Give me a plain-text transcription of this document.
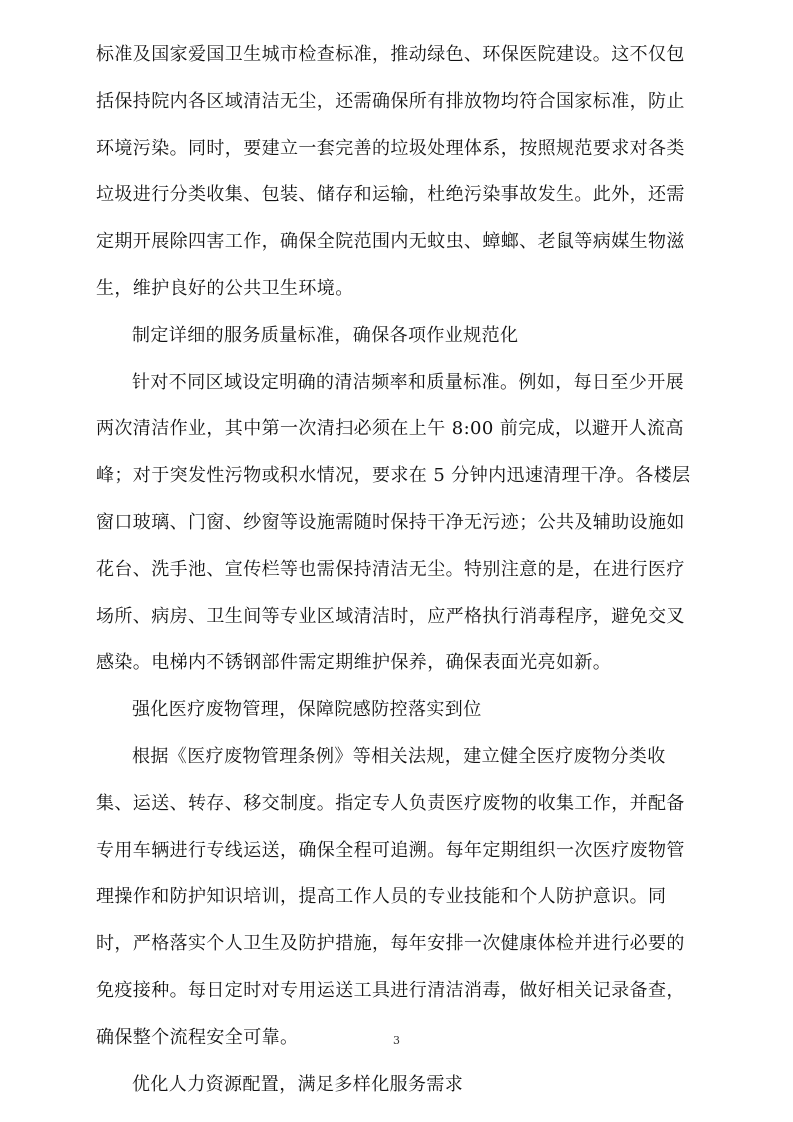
标准及国家爱国卫生城市检查标准，推动绿色、环保医院建设。这不仅包
括保持院内各区域清洁无尘，还需确保所有排放物均符合国家标准，防止
环境污染。同时，要建立一套完善的垃圾处理体系，按照规范要求对各类
垃圾进行分类收集、包装、储存和运输，杜绝污染事故发生。此外，还需
定期开展除四害工作，确保全院范围内无蚊虫、蟑螂、老鼠等病媒生物滋
生，维护良好的公共卫生环境。
制定详细的服务质量标准，确保各项作业规范化
针对不同区域设定明确的清洁频率和质量标准。例如，每日至少开展
两次清洁作业，其中第一次清扫必须在上午 8:00 前完成，以避开人流高
峰；对于突发性污物或积水情况，要求在 5 分钟内迅速清理干净。各楼层
窗口玻璃、门窗、纱窗等设施需随时保持干净无污迹；公共及辅助设施如
花台、洗手池、宣传栏等也需保持清洁无尘。特别注意的是，在进行医疗
场所、病房、卫生间等专业区域清洁时，应严格执行消毒程序，避免交叉
感染。电梯内不锈钢部件需定期维护保养，确保表面光亮如新。
强化医疗废物管理，保障院感防控落实到位
根据《医疗废物管理条例》等相关法规，建立健全医疗废物分类收
集、运送、转存、移交制度。指定专人负责医疗废物的收集工作，并配备
专用车辆进行专线运送，确保全程可追溯。每年定期组织一次医疗废物管
理操作和防护知识培训，提高工作人员的专业技能和个人防护意识。同
时，严格落实个人卫生及防护措施，每年安排一次健康体检并进行必要的
免疫接种。每日定时对专用运送工具进行清洁消毒，做好相关记录备查，
确保整个流程安全可靠。
优化人力资源配置，满足多样化服务需求
3
